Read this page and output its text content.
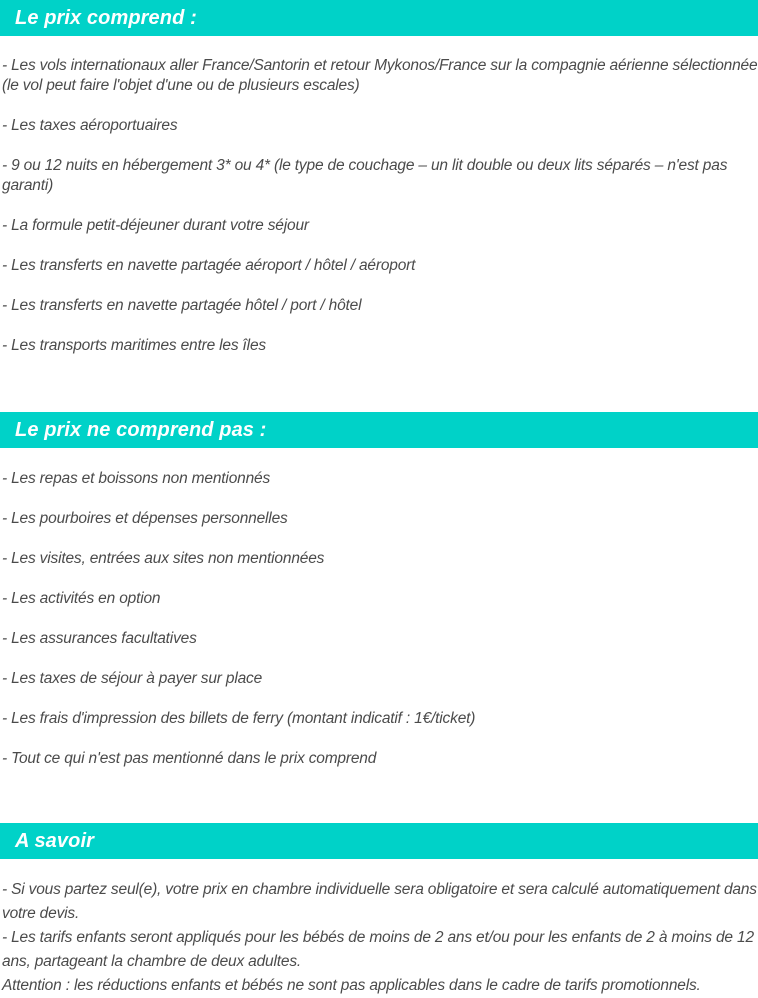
Le prix comprend :
- Les vols internationaux aller France/Santorin et retour Mykonos/France sur la compagnie aérienne sélectionnée (le vol peut faire l'objet d'une ou de plusieurs escales)
- Les taxes aéroportuaires
- 9 ou 12 nuits en hébergement 3* ou 4* (le type de couchage – un lit double ou deux lits séparés – n'est pas garanti)
- La formule petit-déjeuner durant votre séjour
- Les transferts en navette partagée aéroport / hôtel / aéroport
- Les transferts en navette partagée hôtel / port / hôtel
- Les transports maritimes entre les îles
Le prix ne comprend pas :
- Les repas et boissons non mentionnés
- Les pourboires et dépenses personnelles
- Les visites, entrées aux sites non mentionnées
- Les activités en option
- Les assurances facultatives
- Les taxes de séjour à payer sur place
- Les frais d'impression des billets de ferry (montant indicatif : 1€/ticket)
- Tout ce qui n'est pas mentionné dans le prix comprend
A savoir
- Si vous partez seul(e), votre prix en chambre individuelle sera obligatoire et sera calculé automatiquement dans votre devis.
- Les tarifs enfants seront appliqués pour les bébés de moins de 2 ans et/ou pour les enfants de 2 à moins de 12 ans, partageant la chambre de deux adultes.
Attention : les réductions enfants et bébés ne sont pas applicables dans le cadre de tarifs promotionnels.
